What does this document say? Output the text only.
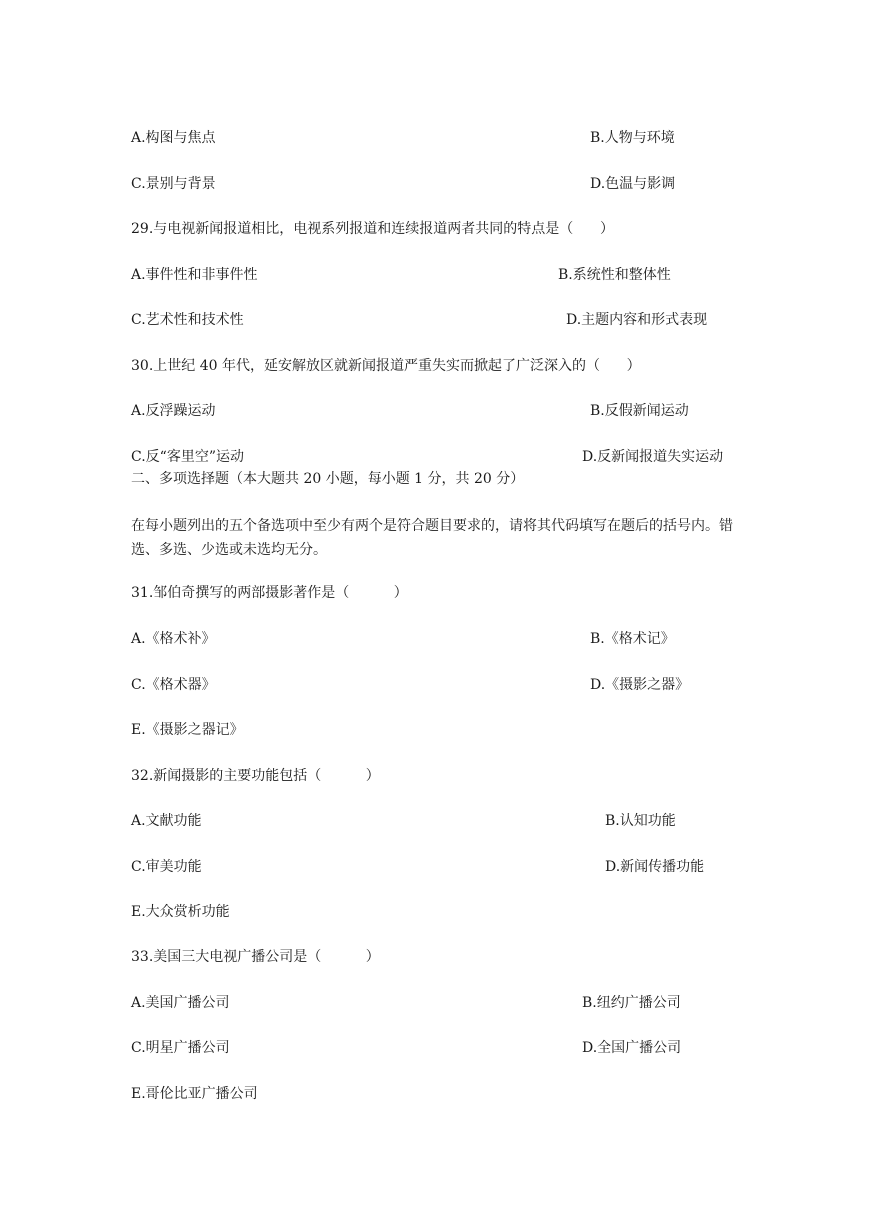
A.构图与焦点	B.人物与环境
C.景别与背景	D.色温与影调
29.与电视新闻报道相比，电视系列报道和连续报道两者共同的特点是（      ）
A.事件性和非事件性	B.系统性和整体性
C.艺术性和技术性	D.主题内容和形式表现
30.上世纪 40 年代，延安解放区就新闻报道严重失实而掀起了广泛深入的（      ）
A.反浮躁运动	B.反假新闻运动
C.反“客里空”运动	D.反新闻报道失实运动
二、多项选择题（本大题共 20 小题，每小题 1 分，共 20 分）
在每小题列出的五个备选项中至少有两个是符合题目要求的，请将其代码填写在题后的括号内。错选、多选、少选或未选均无分。
31.邹伯奇撰写的两部摄影著作是（          ）
A.《格术补》	B.《格术记》
C.《格术器》	D.《摄影之器》
E.《摄影之器记》
32.新闻摄影的主要功能包括（          ）
A.文献功能	B.认知功能
C.审美功能	D.新闻传播功能
E.大众赏析功能
33.美国三大电视广播公司是（          ）
A.美国广播公司	B.纽约广播公司
C.明星广播公司	D.全国广播公司
E.哥伦比亚广播公司
